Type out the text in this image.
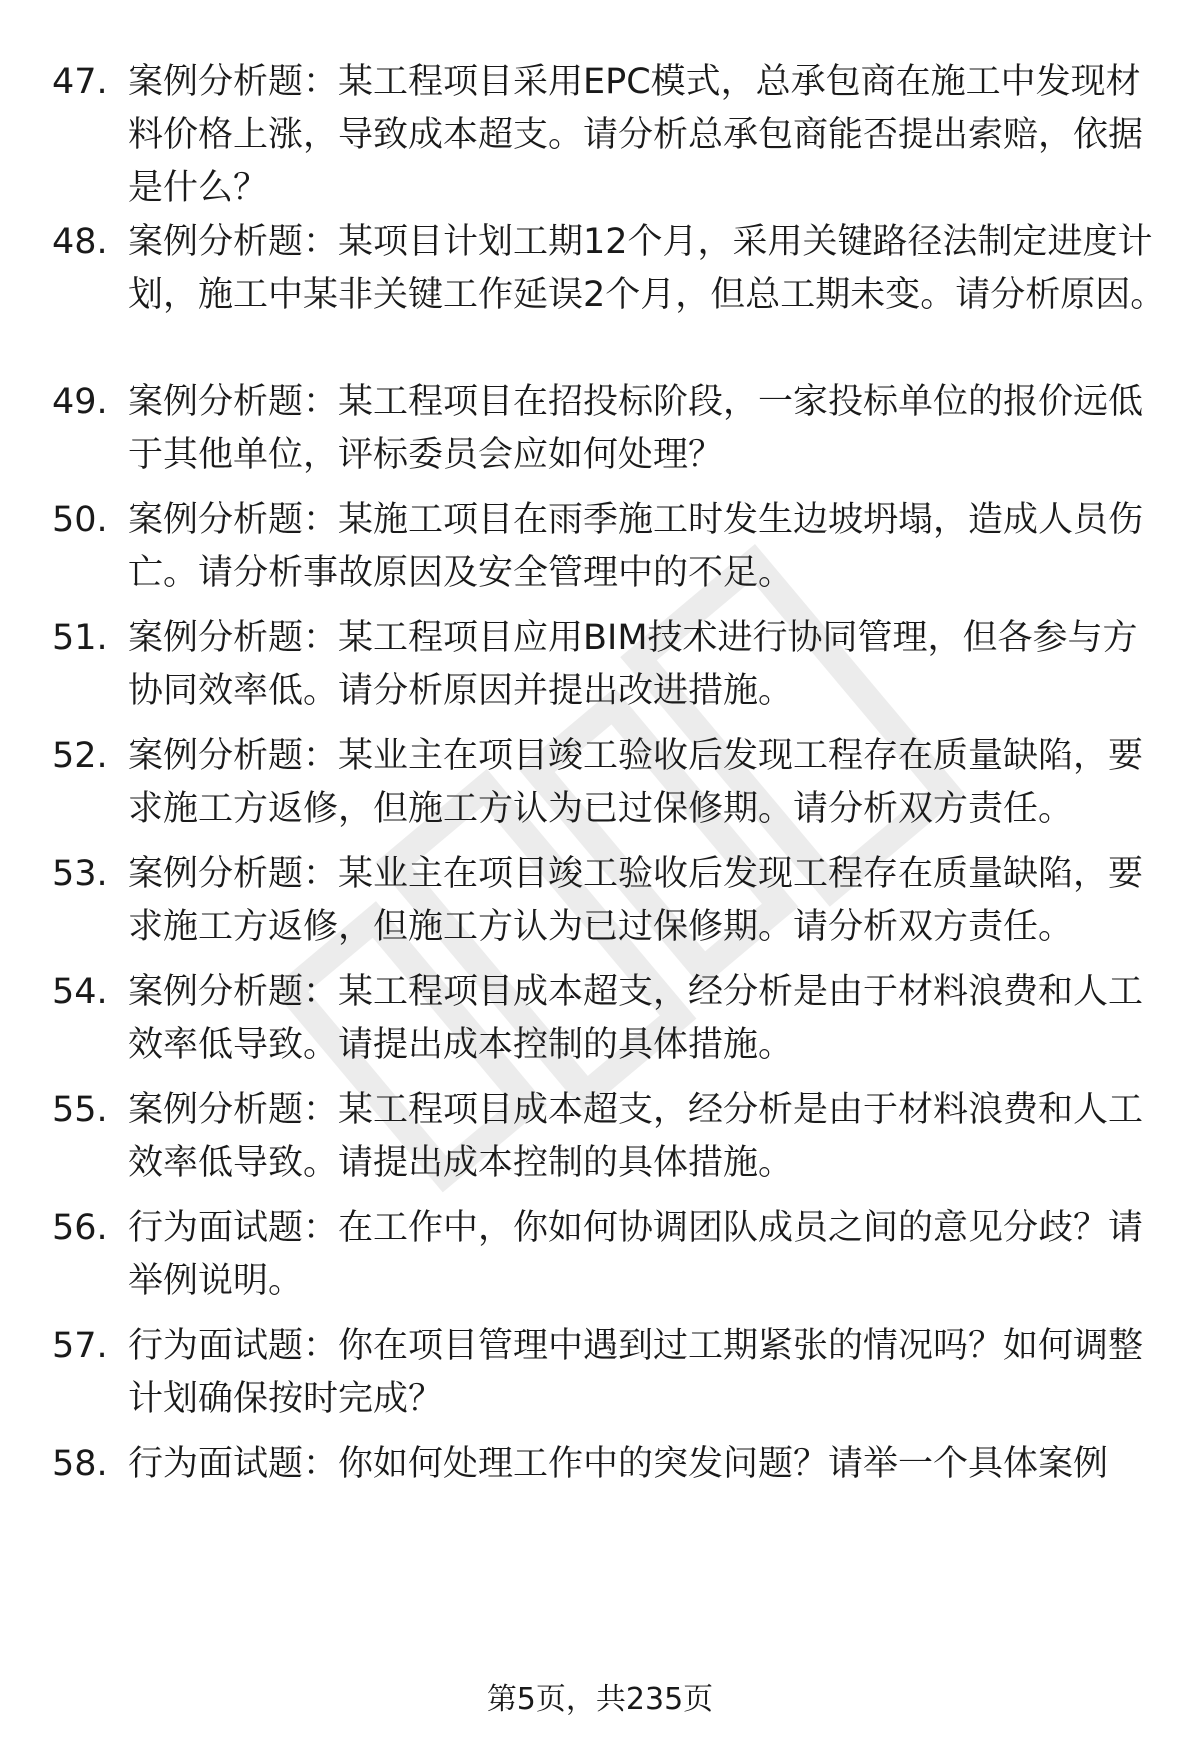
47. 案例分析题：某工程项目采用EPC模式，总承包商在施工中发现材料价格上涨，导致成本超支。请分析总承包商能否提出索赔，依据是什么？
48. 案例分析题：某项目计划工期12个月，采用关键路径法制定进度计划，施工中某非关键工作延误2个月，但总工期未变。请分析原因。
49. 案例分析题：某工程项目在招投标阶段，一家投标单位的报价远低于其他单位，评标委员会应如何处理？
50. 案例分析题：某施工项目在雨季施工时发生边坡坍塌，造成人员伤亡。请分析事故原因及安全管理中的不足。
51. 案例分析题：某工程项目应用BIM技术进行协同管理，但各参与方协同效率低。请分析原因并提出改进措施。
52. 案例分析题：某业主在项目竣工验收后发现工程存在质量缺陷，要求施工方返修，但施工方认为已过保修期。请分析双方责任。
53. 案例分析题：某业主在项目竣工验收后发现工程存在质量缺陷，要求施工方返修，但施工方认为已过保修期。请分析双方责任。
54. 案例分析题：某工程项目成本超支，经分析是由于材料浪费和人工效率低导致。请提出成本控制的具体措施。
55. 案例分析题：某工程项目成本超支，经分析是由于材料浪费和人工效率低导致。请提出成本控制的具体措施。
56. 行为面试题：在工作中，你如何协调团队成员之间的意见分歧？请举例说明。
57. 行为面试题：你在项目管理中遇到过工期紧张的情况吗？如何调整计划确保按时完成？
58. 行为面试题：你如何处理工作中的突发问题？请举一个具体案例
第5页，共235页
